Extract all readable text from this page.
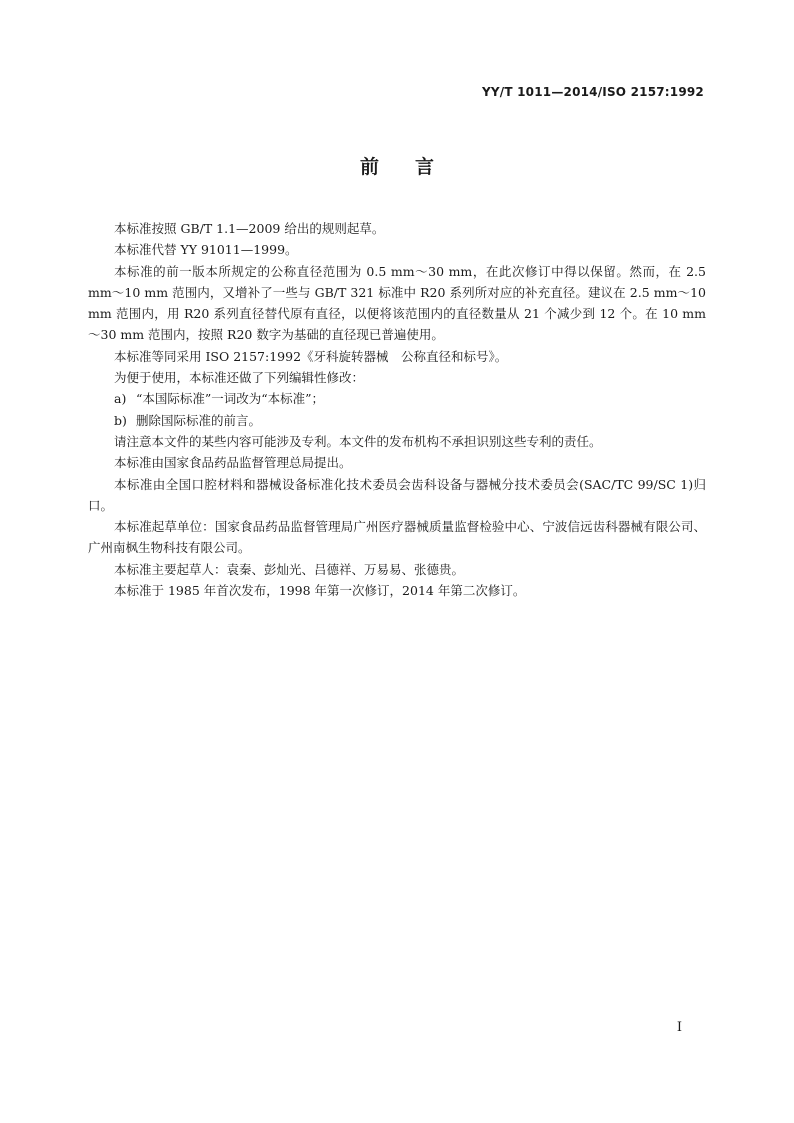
YY/T 1011—2014/ISO 2157:1992
前言

本标准按照 GB/T 1.1—2009 给出的规则起草。

本标准代替 YY 91011—1999。

本标准的前一版本所规定的公称直径范围为 0.5 mm～30 mm，在此次修订中得以保留。然而，在 2.5 mm～10 mm 范围内，又增补了一些与 GB/T 321 标准中 R20 系列所对应的补充直径。建议在 2.5 mm～10 mm 范围内，用 R20 系列直径替代原有直径，以便将该范围内的直径数量从 21 个减少到 12 个。在 10 mm～30 mm 范围内，按照 R20 数字为基础的直径现已普遍使用。

本标准等同采用 ISO 2157:1992《牙科旋转器械　公称直径和标号》。

为便于使用，本标准还做了下列编辑性修改：

a) “本国际标准”一词改为“本标准”；
b) 删除国际标准的前言。

请注意本文件的某些内容可能涉及专利。本文件的发布机构不承担识别这些专利的责任。

本标准由国家食品药品监督管理总局提出。

本标准由全国口腔材料和器械设备标准化技术委员会齿科设备与器械分技术委员会(SAC/TC 99/SC 1)归口。

本标准起草单位：国家食品药品监督管理局广州医疗器械质量监督检验中心、宁波信远齿科器械有限公司、广州南枫生物科技有限公司。

本标准主要起草人：袁秦、彭灿光、吕德祥、万易易、张德贵。

本标准于 1985 年首次发布，1998 年第一次修订，2014 年第二次修订。

I
